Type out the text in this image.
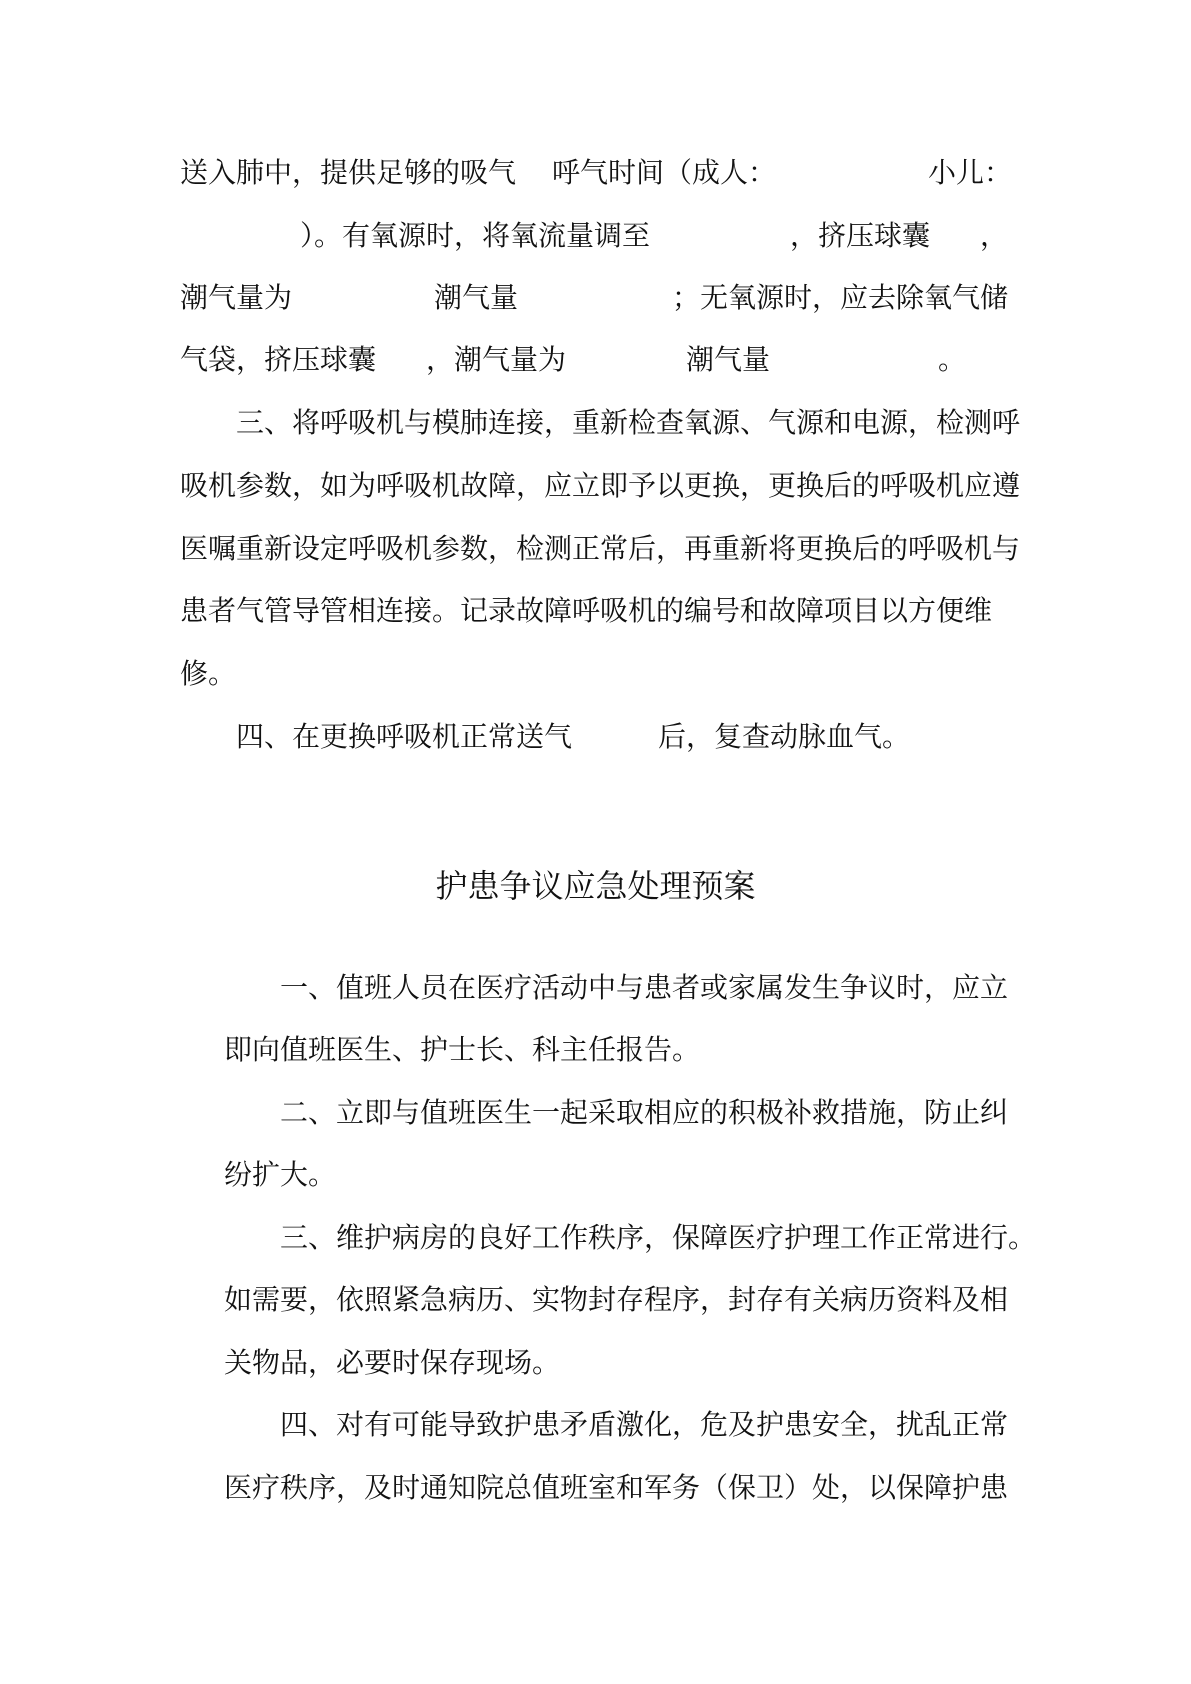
送入肺中，提供足够的吸气 呼气时间（成人：	小儿：
）。有氧源时，将氧流量调至	，挤压球囊 ，
潮气量为	潮气量	；无氧源时，应去除氧气储
气袋，挤压球囊 ，潮气量为	潮气量	。
三、将呼吸机与模肺连接，重新检查氧源、气源和电源，检测呼
吸机参数，如为呼吸机故障，应立即予以更换，更换后的呼吸机应遵
医嘱重新设定呼吸机参数，检测正常后，再重新将更换后的呼吸机与
患者气管导管相连接。记录故障呼吸机的编号和故障项目以方便维
修。
四、在更换呼吸机正常送气	后，复查动脉血气。
护患争议应急处理预案
一、值班人员在医疗活动中与患者或家属发生争议时，应立
即向值班医生、护士长、科主任报告。
二、立即与值班医生一起采取相应的积极补救措施，防止纠
纷扩大。
三、维护病房的良好工作秩序，保障医疗护理工作正常进行。
如需要，依照紧急病历、实物封存程序，封存有关病历资料及相
关物品，必要时保存现场。
四、对有可能导致护患矛盾激化，危及护患安全，扰乱正常
医疗秩序，及时通知院总值班室和军务（保卫）处，以保障护患
